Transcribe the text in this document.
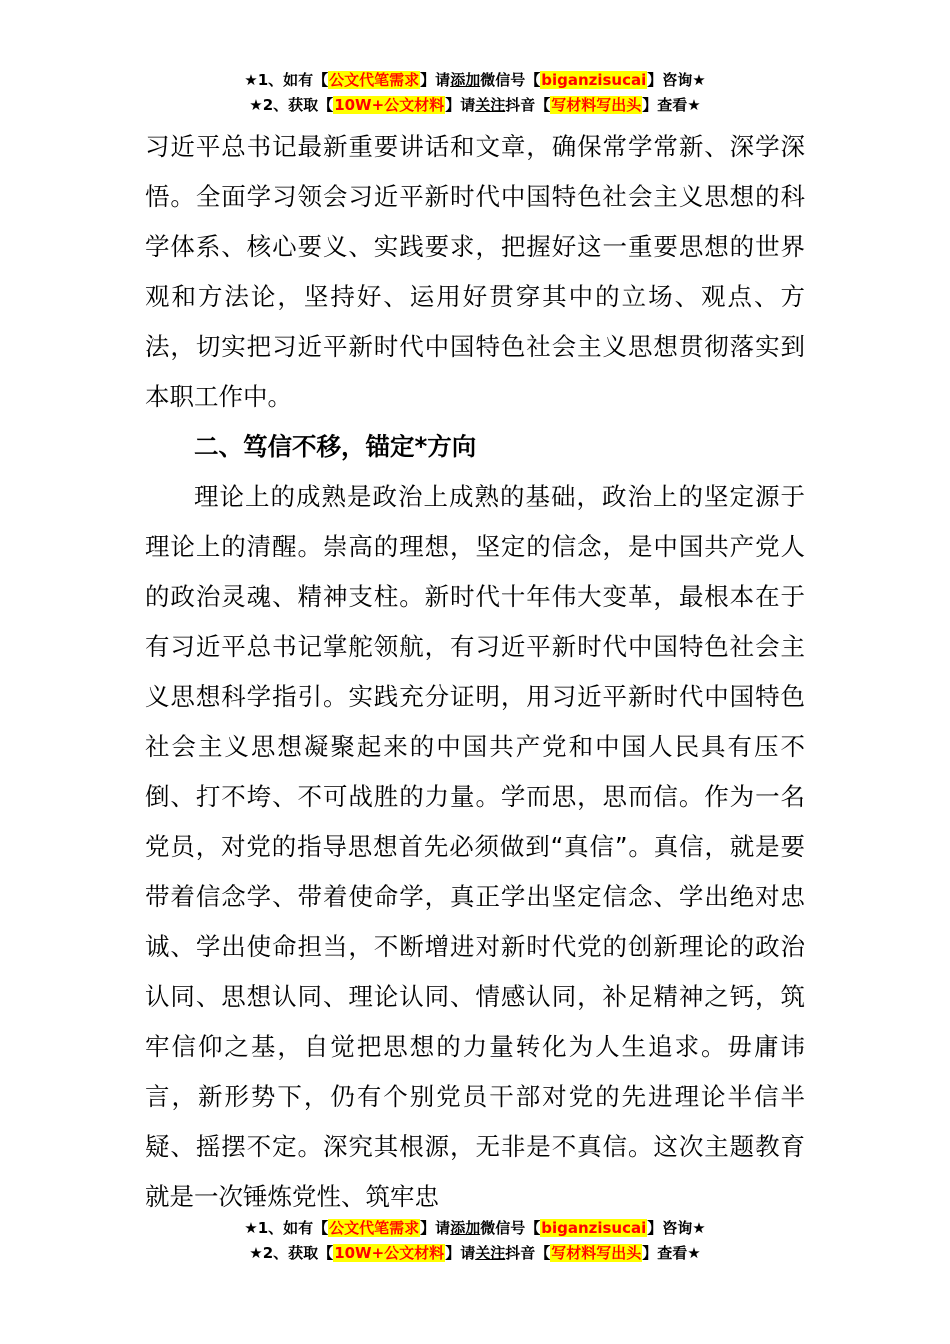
★1、如有【公文代笔需求】请添加微信号【biganzisucai】咨询★
★2、获取【10W+公文材料】请关注抖音【写材料写出头】查看★

习近平总书记最新重要讲话和文章，确保常学常新、深学深悟。全面学习领会习近平新时代中国特色社会主义思想的科学体系、核心要义、实践要求，把握好这一重要思想的世界观和方法论，坚持好、运用好贯穿其中的立场、观点、方法，切实把习近平新时代中国特色社会主义思想贯彻落实到本职工作中。

二、笃信不移，锚定*方向

理论上的成熟是政治上成熟的基础，政治上的坚定源于理论上的清醒。崇高的理想，坚定的信念，是中国共产党人的政治灵魂、精神支柱。新时代十年伟大变革，最根本在于有习近平总书记掌舵领航，有习近平新时代中国特色社会主义思想科学指引。实践充分证明，用习近平新时代中国特色社会主义思想凝聚起来的中国共产党和中国人民具有压不倒、打不垮、不可战胜的力量。学而思，思而信。作为一名党员，对党的指导思想首先必须做到“真信”。真信，就是要带着信念学、带着使命学，真正学出坚定信念、学出绝对忠诚、学出使命担当，不断增进对新时代党的创新理论的政治认同、思想认同、理论认同、情感认同，补足精神之钙，筑牢信仰之基，自觉把思想的力量转化为人生追求。毋庸讳言，新形势下，仍有个别党员干部对党的先进理论半信半疑、摇摆不定。深究其根源，无非是不真信。这次主题教育就是一次锤炼党性、筑牢忠

★1、如有【公文代笔需求】请添加微信号【biganzisucai】咨询★
★2、获取【10W+公文材料】请关注抖音【写材料写出头】查看★
